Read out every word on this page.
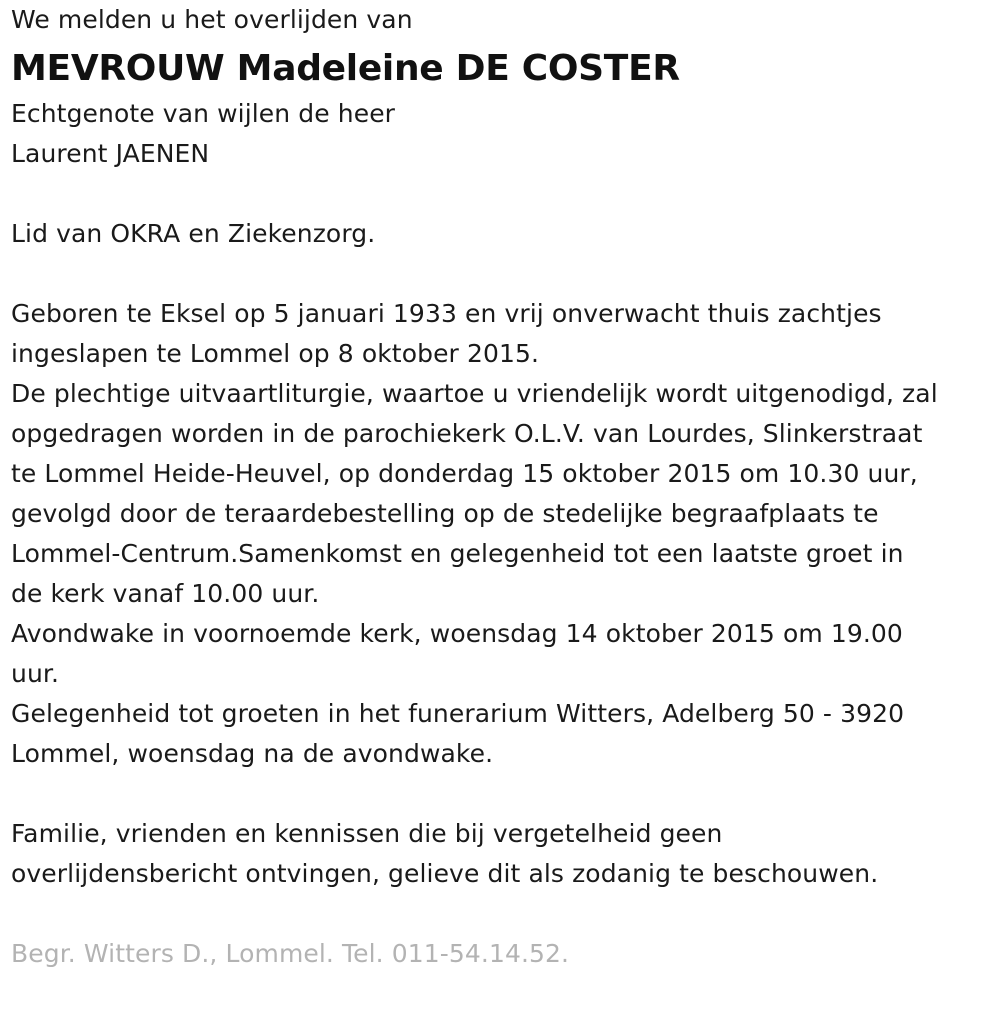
We melden u het overlijden van
MEVROUW Madeleine DE COSTER
Echtgenote van wijlen de heer
Laurent JAENEN
Lid van OKRA en Ziekenzorg.
Geboren te Eksel op 5 januari 1933 en vrij onverwacht thuis zachtjes
ingeslapen te Lommel op 8 oktober 2015.
De plechtige uitvaartliturgie, waartoe u vriendelijk wordt uitgenodigd, zal
opgedragen worden in de parochiekerk O.L.V. van Lourdes, Slinkerstraat
te Lommel Heide-Heuvel, op donderdag 15 oktober 2015 om 10.30 uur,
gevolgd door de teraardebestelling op de stedelijke begraafplaats te
Lommel-Centrum.Samenkomst en gelegenheid tot een laatste groet in
de kerk vanaf 10.00 uur.
Avondwake in voornoemde kerk, woensdag 14 oktober 2015 om 19.00
uur.
Gelegenheid tot groeten in het funerarium Witters, Adelberg 50 - 3920
Lommel, woensdag na de avondwake.
Familie, vrienden en kennissen die bij vergetelheid geen
overlijdensbericht ontvingen, gelieve dit als zodanig te beschouwen.
Begr. Witters D., Lommel. Tel. 011-54.14.52.
